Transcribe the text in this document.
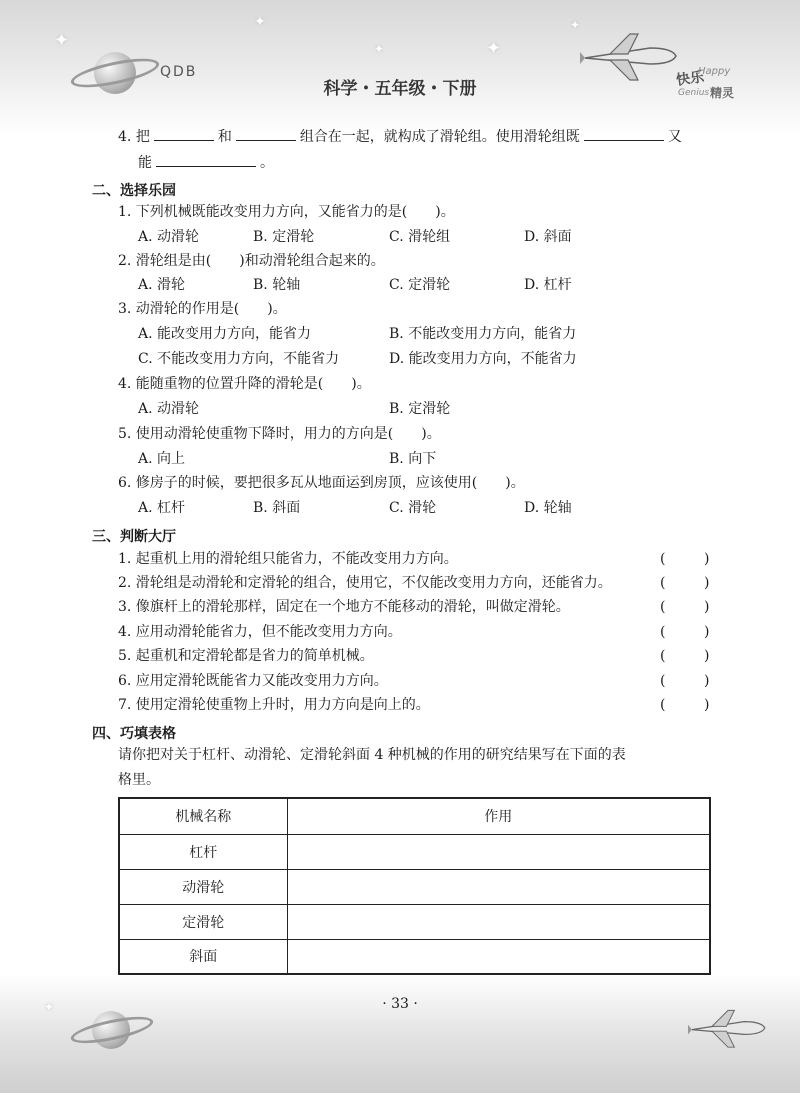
✦
✦
✦
✦
✦
QDB
科学・五年级・下册
快乐
Happy
Genius 精灵
4. 把	和	组合在一起，就构成了滑轮组。使用滑轮组既	又
能	。
二、选择乐园
1. 下列机械既能改变用力方向，又能省力的是(　　)。
A. 动滑轮	B. 定滑轮	C. 滑轮组	D. 斜面
2. 滑轮组是由(　　)和动滑轮组合起来的。
A. 滑轮	B. 轮轴	C. 定滑轮	D. 杠杆
3. 动滑轮的作用是(　　)。
A. 能改变用力方向，能省力	B. 不能改变用力方向，能省力
C. 不能改变用力方向，不能省力	D. 能改变用力方向，不能省力
4. 能随重物的位置升降的滑轮是(　　)。
A. 动滑轮	B. 定滑轮
5. 使用动滑轮使重物下降时，用力的方向是(　　)。
A. 向上	B. 向下
6. 修房子的时候，要把很多瓦从地面运到房顶，应该使用(　　)。
A. 杠杆	B. 斜面	C. 滑轮	D. 轮轴
三、判断大厅
1. 起重机上用的滑轮组只能省力，不能改变用力方向。	(	)
2. 滑轮组是动滑轮和定滑轮的组合，使用它，不仅能改变用力方向，还能省力。	(	)
3. 像旗杆上的滑轮那样，固定在一个地方不能移动的滑轮，叫做定滑轮。	(	)
4. 应用动滑轮能省力，但不能改变用力方向。	(	)
5. 起重机和定滑轮都是省力的简单机械。	(	)
6. 应用定滑轮既能省力又能改变用力方向。	(	)
7. 使用定滑轮使重物上升时，用力方向是向上的。	(	)
四、巧填表格
请你把对关于杠杆、动滑轮、定滑轮斜面 4 种机械的作用的研究结果写在下面的表
格里。
机械名称	作用
杠杆	
动滑轮	
定滑轮	
斜面	
· 33 ·
✦
